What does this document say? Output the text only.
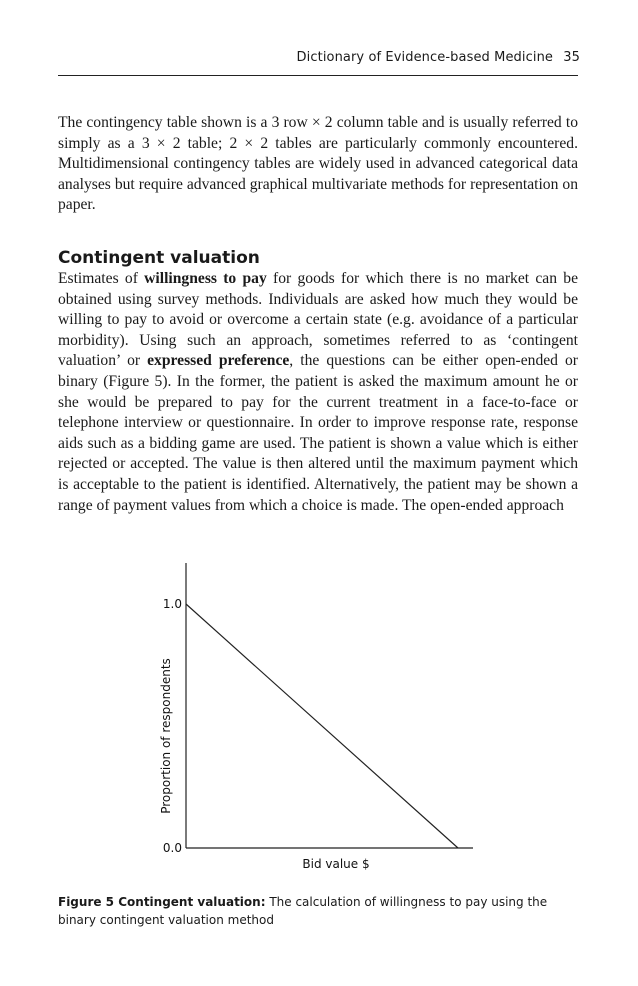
Dictionary of Evidence-based Medicine 35
The contingency table shown is a 3 row × 2 column table and is usually referred to simply as a 3 × 2 table; 2 × 2 tables are particularly commonly encountered. Multidimensional contingency tables are widely used in advanced categorical data analyses but require advanced graphical multivariate methods for representation on paper.
Contingent valuation
Estimates of willingness to pay for goods for which there is no market can be obtained using survey methods. Individuals are asked how much they would be willing to pay to avoid or overcome a certain state (e.g. avoidance of a particular morbidity). Using such an approach, sometimes referred to as ‘contingent valuation’ or expressed preference, the questions can be either open-ended or binary (Figure 5). In the former, the patient is asked the maximum amount he or she would be prepared to pay for the current treatment in a face-to-face or telephone interview or questionnaire. In order to improve response rate, response aids such as a bidding game are used. The patient is shown a value which is either rejected or accepted. The value is then altered until the maximum payment which is acceptable to the patient is identified. Alternatively, the patient may be shown a range of payment values from which a choice is made. The open-ended approach
1.0
0.0
Proportion of respondents
Bid value $
Figure 5 Contingent valuation: The calculation of willingness to pay using the binary contingent valuation method
